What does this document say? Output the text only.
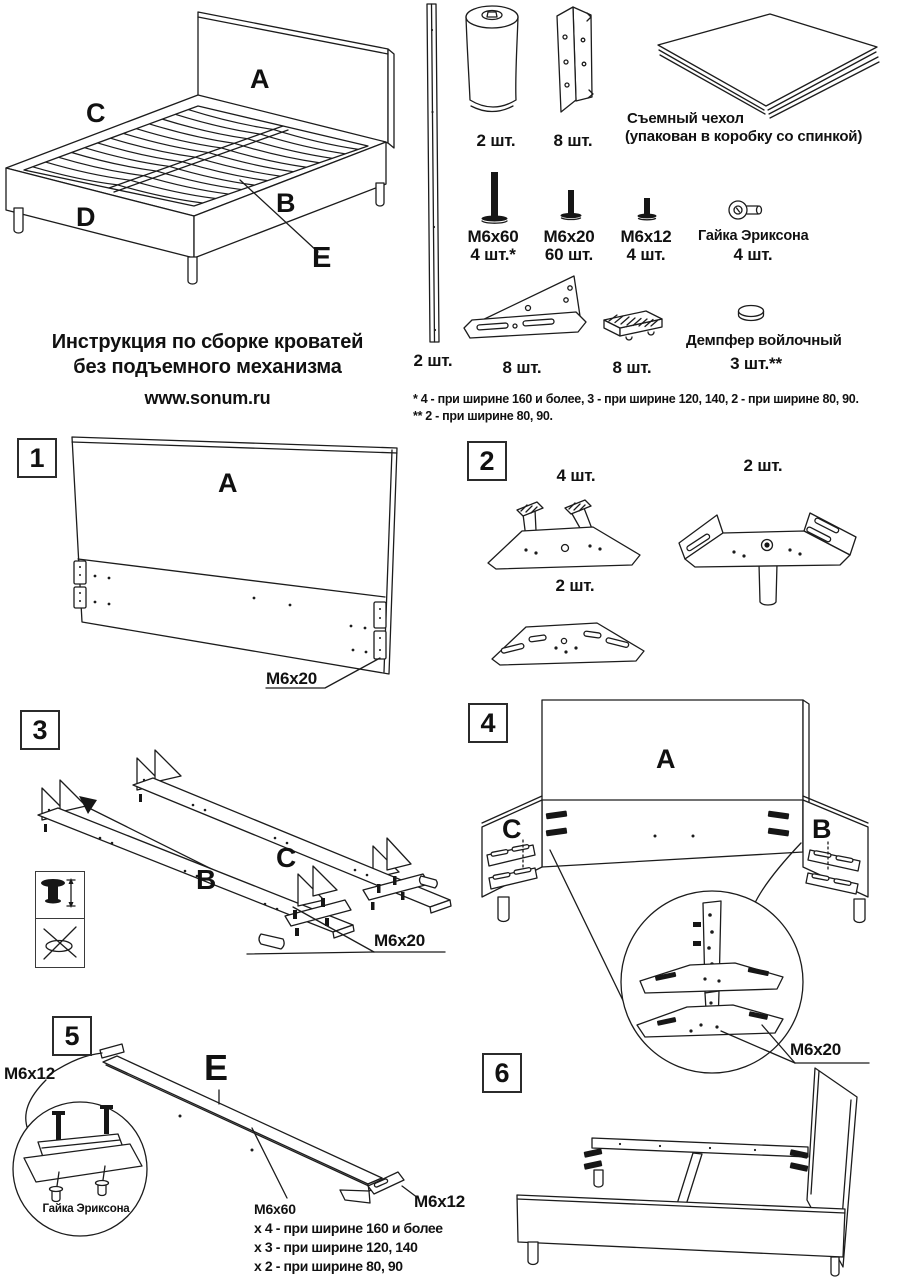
A
C
D	B
E
Инструкция по сборке кроватей
без подъемного механизма
www.sonum.ru
2 шт.
2 шт.	8 шт.
Съемный чехол
(упакован в коробку со спинкой)
M6x60
4 шт.*
M6x20
60 шт.
M6x12
4 шт.
Гайка Эриксона
4 шт.
8 шт.	8 шт.
Демпфер войлочный
3 шт.**
* 4 - при ширине 160 и более, 3 - при ширине 120, 140, 2 - при ширине 80, 90.
** 2 - при ширине 80, 90.
1
A
M6x20
2	4 шт.
2 шт.
2 шт.
3
B
C
M6x20
4
A
C	B
M6x20
5
E
M6x12
M6x12
Гайка Эриксона	M6x60
x 4 - при ширине 160 и более
x 3 - при ширине 120, 140
x 2 - при ширине 80, 90
6
